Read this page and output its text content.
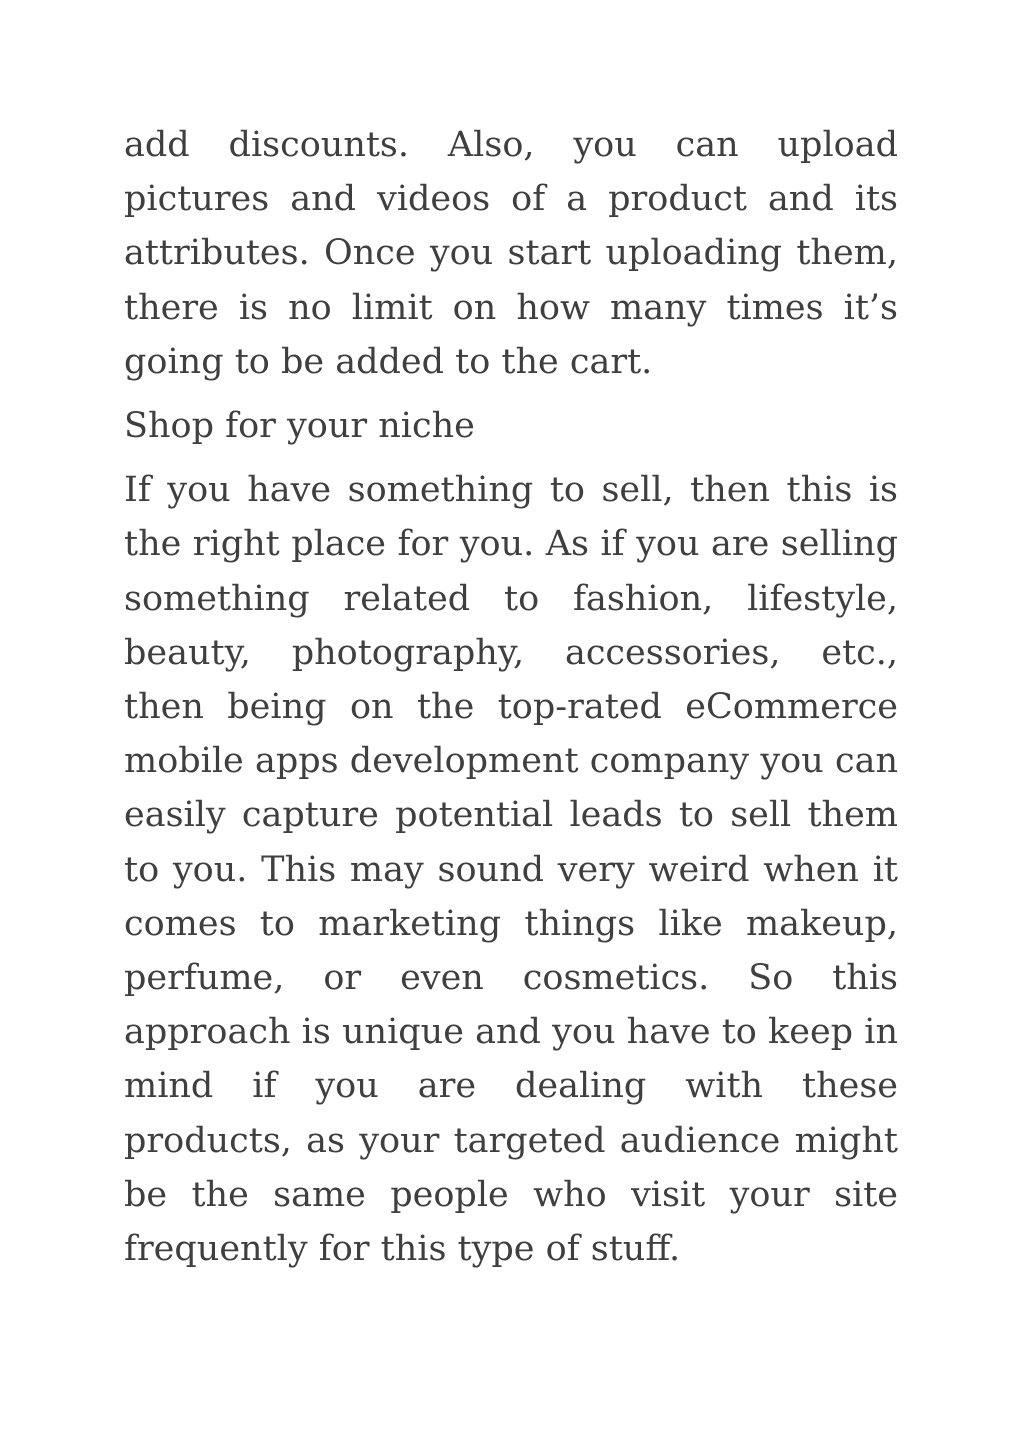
add discounts. Also, you can upload pictures and videos of a product and its attributes. Once you start uploading them, there is no limit on how many times it’s going to be added to the cart.

Shop for your niche

If you have something to sell, then this is the right place for you. As if you are selling something related to fashion, lifestyle, beauty, photography, accessories, etc., then being on the top-rated eCommerce mobile apps development company you can easily capture potential leads to sell them to you. This may sound very weird when it comes to marketing things like makeup, perfume, or even cosmetics. So this approach is unique and you have to keep in mind if you are dealing with these products, as your targeted audience might be the same people who visit your site frequently for this type of stuff.
